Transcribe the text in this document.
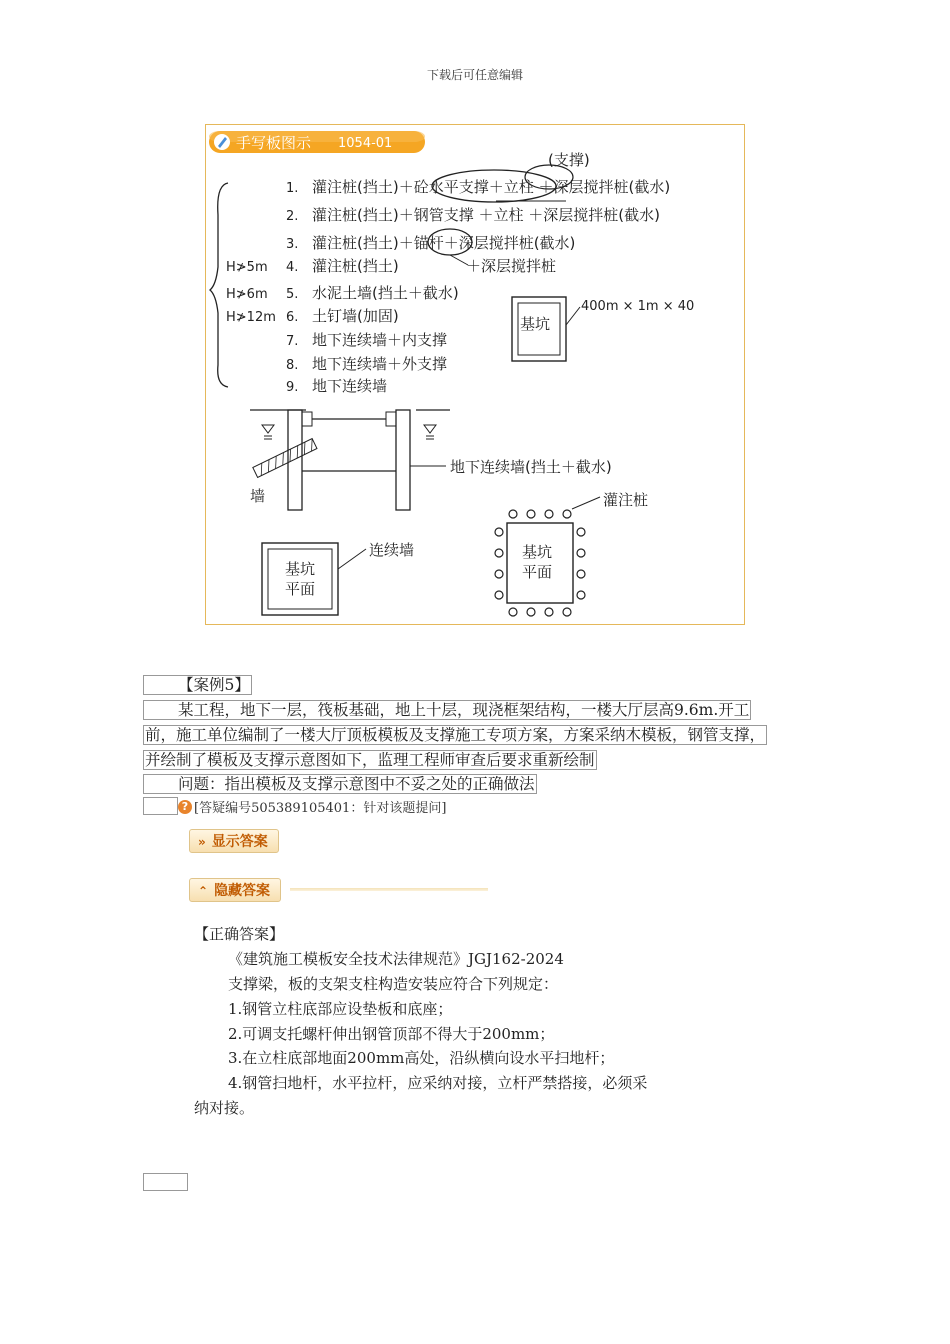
下载后可任意编辑
手写板图示 1054-01
(支撑)
1. 灌注桩(挡土)＋砼水平支撑＋立柱 ＋深层搅拌桩(截水)
2. 灌注桩(挡土)＋钢管支撑 ＋立柱 ＋深层搅拌桩(截水)
3. 灌注桩(挡土)＋锚杆＋深层搅拌桩(截水)
4. 灌注桩(挡土)	＋深层搅拌桩
5. 水泥土墙(挡土＋截水)
6. 土钉墙(加固)
7. 地下连续墙＋内支撑
8. 地下连续墙＋外支撑
9. 地下连续墙
H≯5m
H≯6m
H≯12m	基坑
400m × 1m × 40
墙
地下连续墙(挡土＋截水)
基坑
平面
连续墙	基坑
平面
灌注桩
【案例5】
某工程，地下一层，筏板基础，地上十层，现浇框架结构，一楼大厅层高9.6m.开工
前，施工单位编制了一楼大厅顶板模板及支撑施工专项方案，方案采纳木模板，钢管支撑，
并绘制了模板及支撑示意图如下，监理工程师审查后要求重新绘制
问题：指出模板及支撑示意图中不妥之处的正确做法
? [答疑编号505389105401：针对该题提问]
» 显示答案
⌃ 隐藏答案
【正确答案】
《建筑施工模板安全技术法律规范》JGJ162-2024
支撑梁，板的支架支柱构造安装应符合下列规定：
1.钢管立柱底部应设垫板和底座；
2.可调支托螺杆伸出钢管顶部不得大于200mm；
3.在立柱底部地面200mm高处，沿纵横向设水平扫地杆；
4.钢管扫地杆，水平拉杆，应采纳对接，立杆严禁搭接，必须采
纳对接。
